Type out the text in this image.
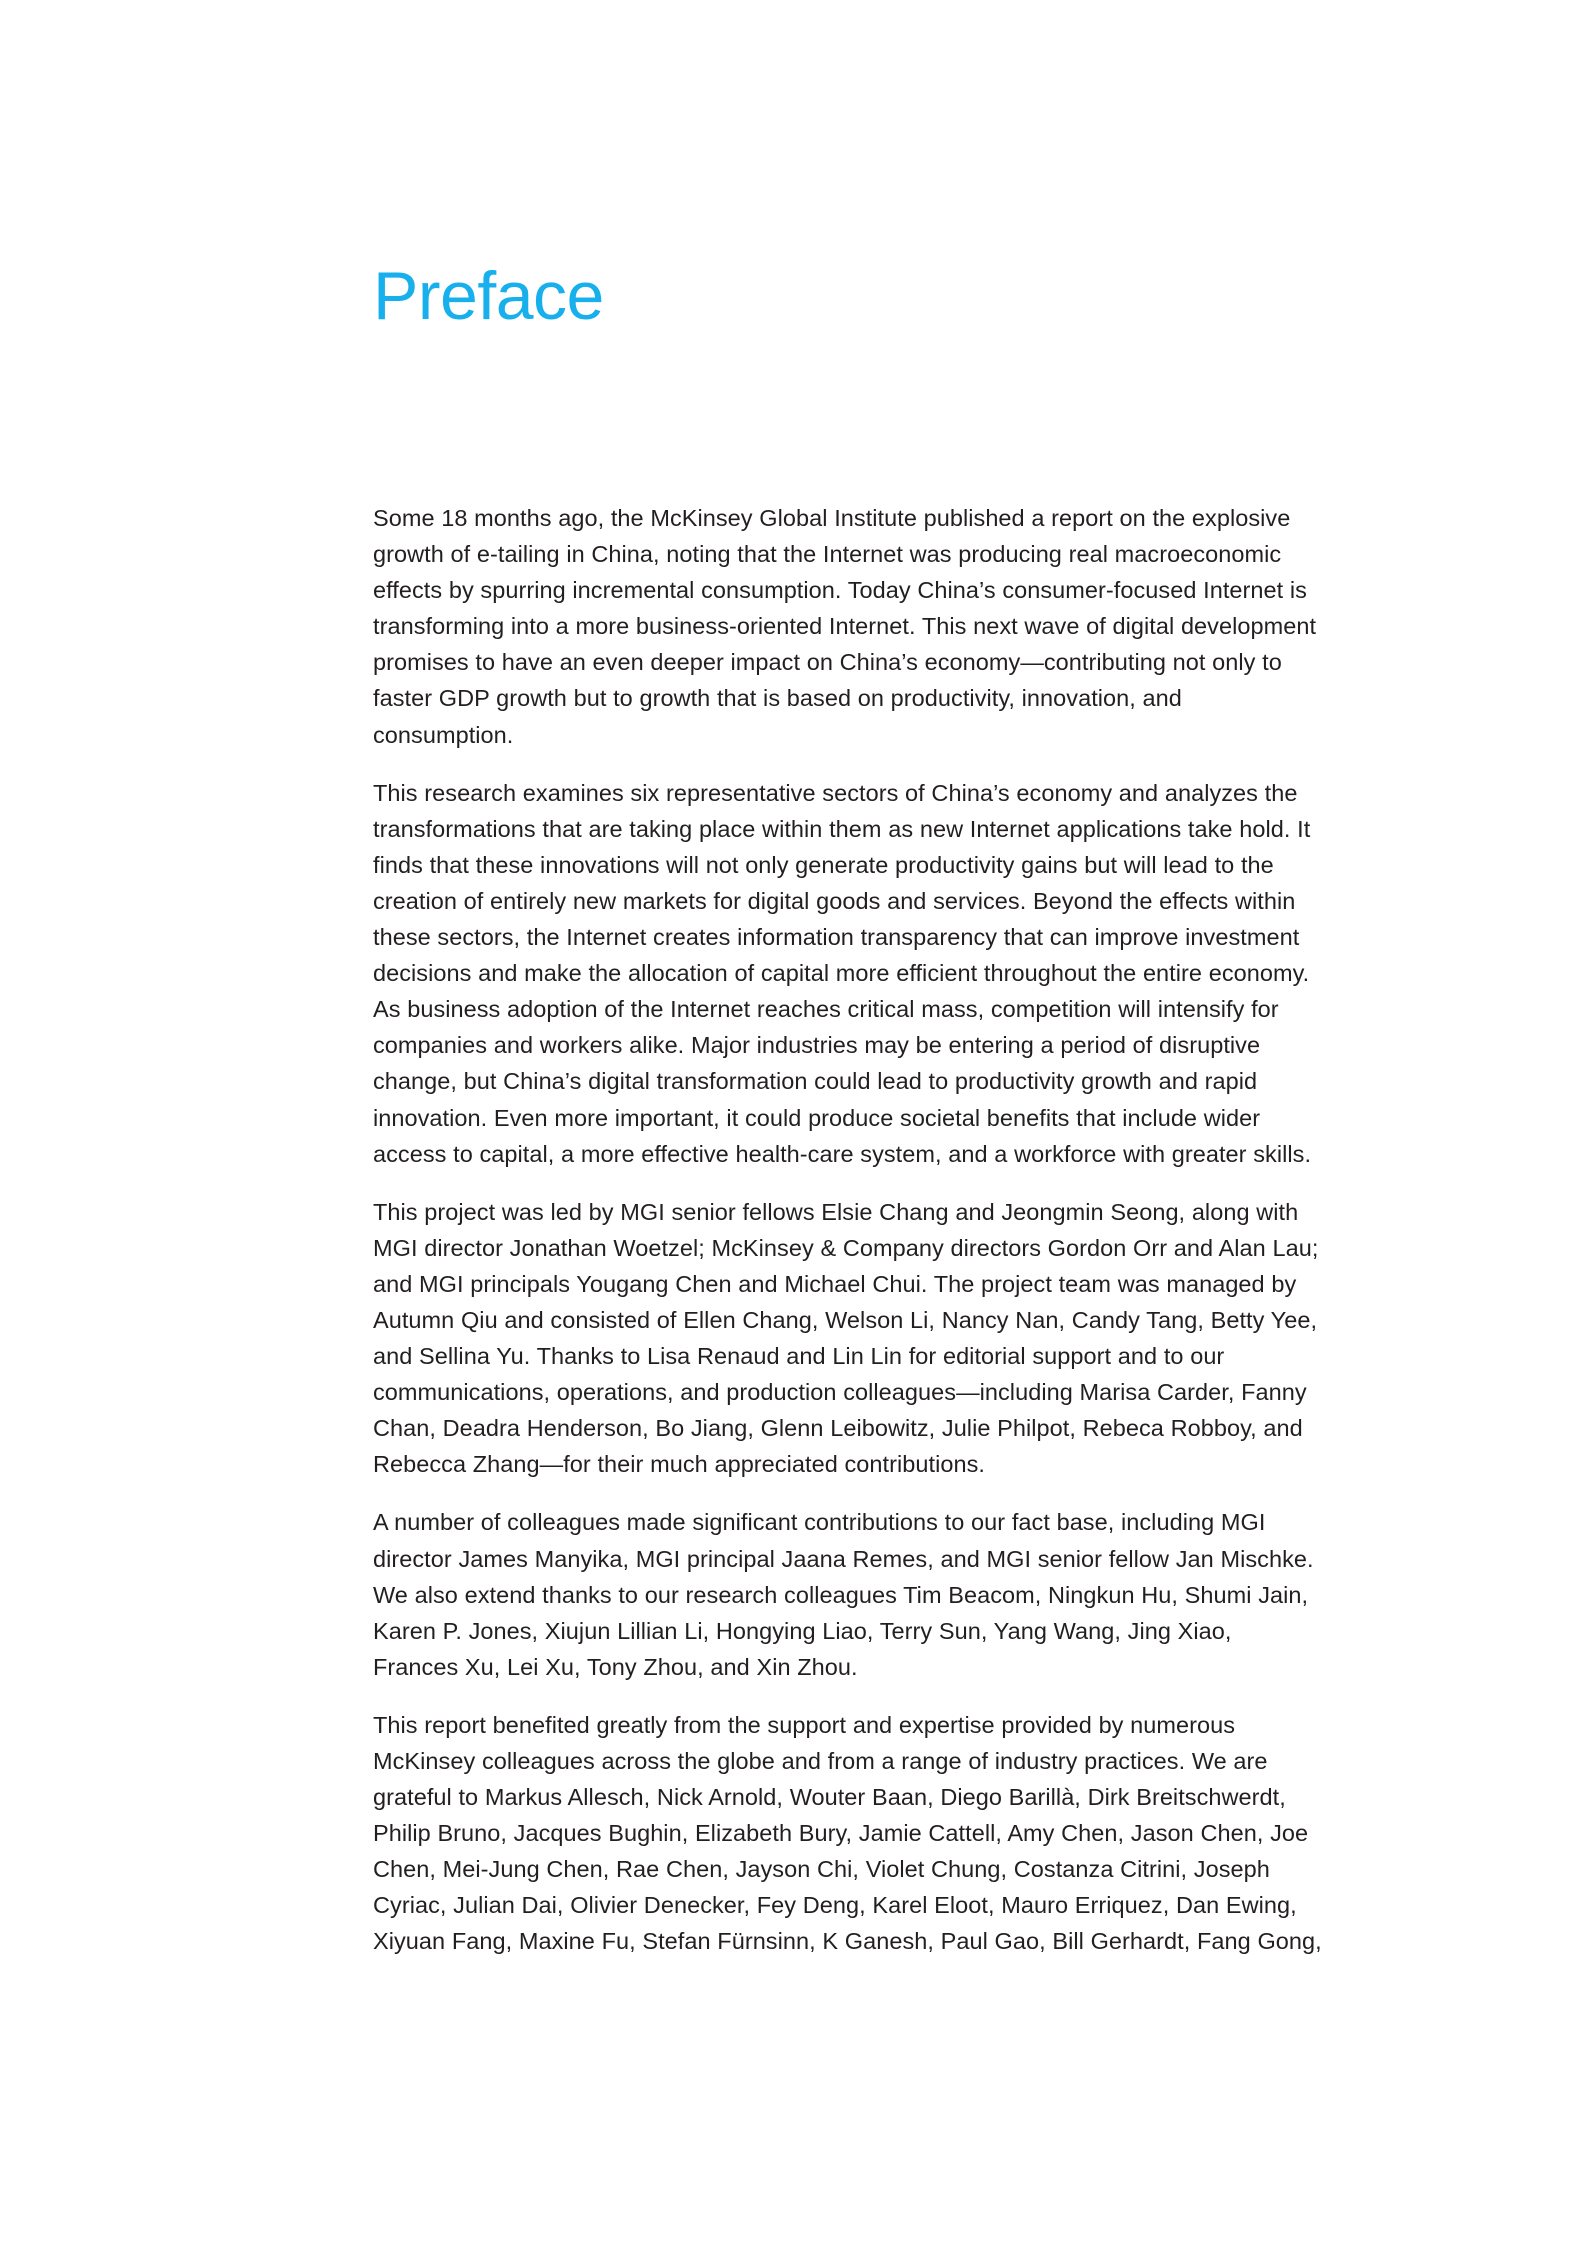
Preface

Some 18 months ago, the McKinsey Global Institute published a report on the explosive growth of e-tailing in China, noting that the Internet was producing real macroeconomic effects by spurring incremental consumption. Today China’s consumer-focused Internet is transforming into a more business-oriented Internet. This next wave of digital development promises to have an even deeper impact on China’s economy—contributing not only to faster GDP growth but to growth that is based on productivity, innovation, and consumption.

This research examines six representative sectors of China’s economy and analyzes the transformations that are taking place within them as new Internet applications take hold. It finds that these innovations will not only generate productivity gains but will lead to the creation of entirely new markets for digital goods and services. Beyond the effects within these sectors, the Internet creates information transparency that can improve investment decisions and make the allocation of capital more efficient throughout the entire economy. As business adoption of the Internet reaches critical mass, competition will intensify for companies and workers alike. Major industries may be entering a period of disruptive change, but China’s digital transformation could lead to productivity growth and rapid innovation. Even more important, it could produce societal benefits that include wider access to capital, a more effective health-care system, and a workforce with greater skills.

This project was led by MGI senior fellows Elsie Chang and Jeongmin Seong, along with MGI director Jonathan Woetzel; McKinsey & Company directors Gordon Orr and Alan Lau; and MGI principals Yougang Chen and Michael Chui. The project team was managed by Autumn Qiu and consisted of Ellen Chang, Welson Li, Nancy Nan, Candy Tang, Betty Yee, and Sellina Yu. Thanks to Lisa Renaud and Lin Lin for editorial support and to our communications, operations, and production colleagues—including Marisa Carder, Fanny Chan, Deadra Henderson, Bo Jiang, Glenn Leibowitz, Julie Philpot, Rebeca Robboy, and Rebecca Zhang—for their much appreciated contributions.

A number of colleagues made significant contributions to our fact base, including MGI director James Manyika, MGI principal Jaana Remes, and MGI senior fellow Jan Mischke. We also extend thanks to our research colleagues Tim Beacom, Ningkun Hu, Shumi Jain, Karen P. Jones, Xiujun Lillian Li, Hongying Liao, Terry Sun, Yang Wang, Jing Xiao, Frances Xu, Lei Xu, Tony Zhou, and Xin Zhou.

This report benefited greatly from the support and expertise provided by numerous McKinsey colleagues across the globe and from a range of industry practices. We are grateful to Markus Allesch, Nick Arnold, Wouter Baan, Diego Barillà, Dirk Breitschwerdt, Philip Bruno, Jacques Bughin, Elizabeth Bury, Jamie Cattell, Amy Chen, Jason Chen, Joe Chen, Mei-Jung Chen, Rae Chen, Jayson Chi, Violet Chung, Costanza Citrini, Joseph Cyriac, Julian Dai, Olivier Denecker, Fey Deng, Karel Eloot, Mauro Erriquez, Dan Ewing, Xiyuan Fang, Maxine Fu, Stefan Fürnsinn, K Ganesh, Paul Gao, Bill Gerhardt, Fang Gong,
